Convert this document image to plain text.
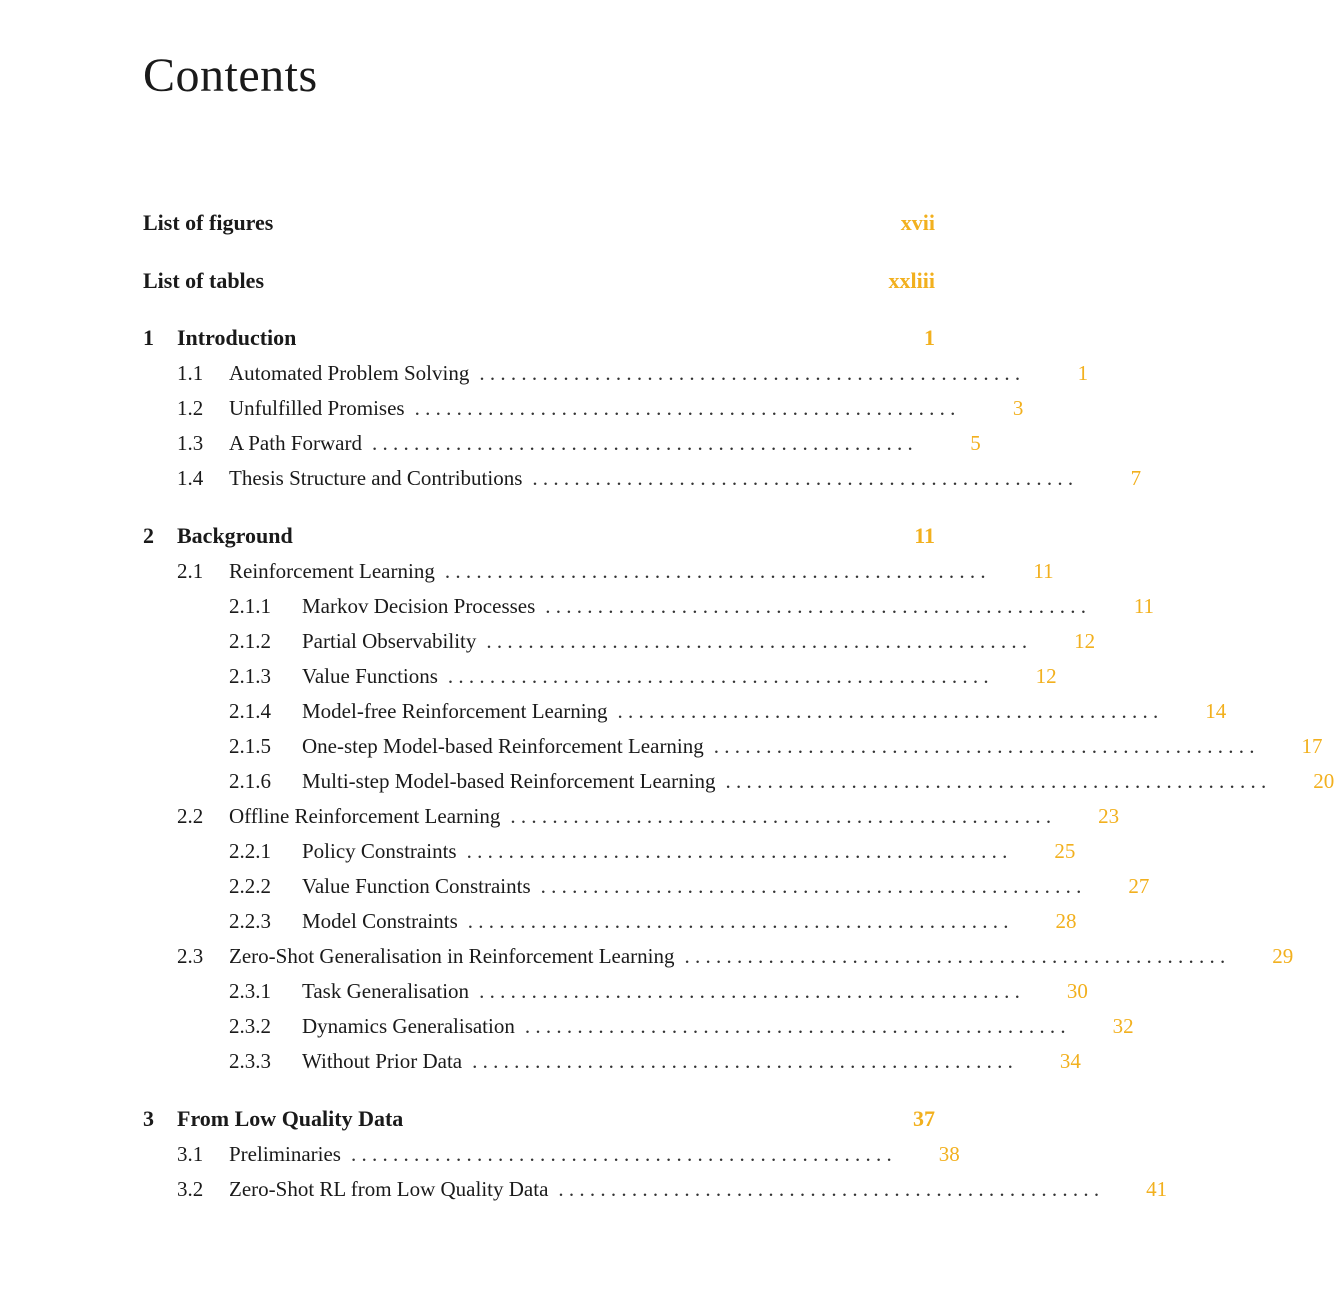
Contents
List of figures	xvii
List of tables	xxliii
1	Introduction	1
1.1	Automated Problem Solving . . . . . . . . . . . . . . . . . . . . . . . . . . . . . . . . . . . . . . . . . . . . . . . . . . . .	1
1.2	Unfulfilled Promises . . . . . . . . . . . . . . . . . . . . . . . . . . . . . . . . . . . . . . . . . . . . . . . . . . . .	3
1.3	A Path Forward . . . . . . . . . . . . . . . . . . . . . . . . . . . . . . . . . . . . . . . . . . . . . . . . . . . .	5
1.4	Thesis Structure and Contributions . . . . . . . . . . . . . . . . . . . . . . . . . . . . . . . . . . . . . . . . . . . . . . . . . . . .	7
2	Background	11
2.1	Reinforcement Learning . . . . . . . . . . . . . . . . . . . . . . . . . . . . . . . . . . . . . . . . . . . . . . . . . . . .	11
2.1.1	Markov Decision Processes . . . . . . . . . . . . . . . . . . . . . . . . . . . . . . . . . . . . . . . . . . . . . . . . . . . .	11
2.1.2	Partial Observability . . . . . . . . . . . . . . . . . . . . . . . . . . . . . . . . . . . . . . . . . . . . . . . . . . . .	12
2.1.3	Value Functions . . . . . . . . . . . . . . . . . . . . . . . . . . . . . . . . . . . . . . . . . . . . . . . . . . . .	12
2.1.4	Model-free Reinforcement Learning . . . . . . . . . . . . . . . . . . . . . . . . . . . . . . . . . . . . . . . . . . . . . . . . . . . .	14
2.1.5	One-step Model-based Reinforcement Learning . . . . . . . . . . . . . . . . . . . . . . . . . . . . . . . . . . . . . . . . . . . . . . . . . . . .	17
2.1.6	Multi-step Model-based Reinforcement Learning . . . . . . . . . . . . . . . . . . . . . . . . . . . . . . . . . . . . . . . . . . . . . . . . . . . .	20
2.2	Offline Reinforcement Learning . . . . . . . . . . . . . . . . . . . . . . . . . . . . . . . . . . . . . . . . . . . . . . . . . . . .	23
2.2.1	Policy Constraints . . . . . . . . . . . . . . . . . . . . . . . . . . . . . . . . . . . . . . . . . . . . . . . . . . . .	25
2.2.2	Value Function Constraints . . . . . . . . . . . . . . . . . . . . . . . . . . . . . . . . . . . . . . . . . . . . . . . . . . . .	27
2.2.3	Model Constraints . . . . . . . . . . . . . . . . . . . . . . . . . . . . . . . . . . . . . . . . . . . . . . . . . . . .	28
2.3	Zero-Shot Generalisation in Reinforcement Learning . . . . . . . . . . . . . . . . . . . . . . . . . . . . . . . . . . . . . . . . . . . . . . . . . . . .	29
2.3.1	Task Generalisation . . . . . . . . . . . . . . . . . . . . . . . . . . . . . . . . . . . . . . . . . . . . . . . . . . . .	30
2.3.2	Dynamics Generalisation . . . . . . . . . . . . . . . . . . . . . . . . . . . . . . . . . . . . . . . . . . . . . . . . . . . .	32
2.3.3	Without Prior Data . . . . . . . . . . . . . . . . . . . . . . . . . . . . . . . . . . . . . . . . . . . . . . . . . . . .	34
3	From Low Quality Data	37
3.1	Preliminaries . . . . . . . . . . . . . . . . . . . . . . . . . . . . . . . . . . . . . . . . . . . . . . . . . . . .	38
3.2	Zero-Shot RL from Low Quality Data . . . . . . . . . . . . . . . . . . . . . . . . . . . . . . . . . . . . . . . . . . . . . . . . . . . .	41
